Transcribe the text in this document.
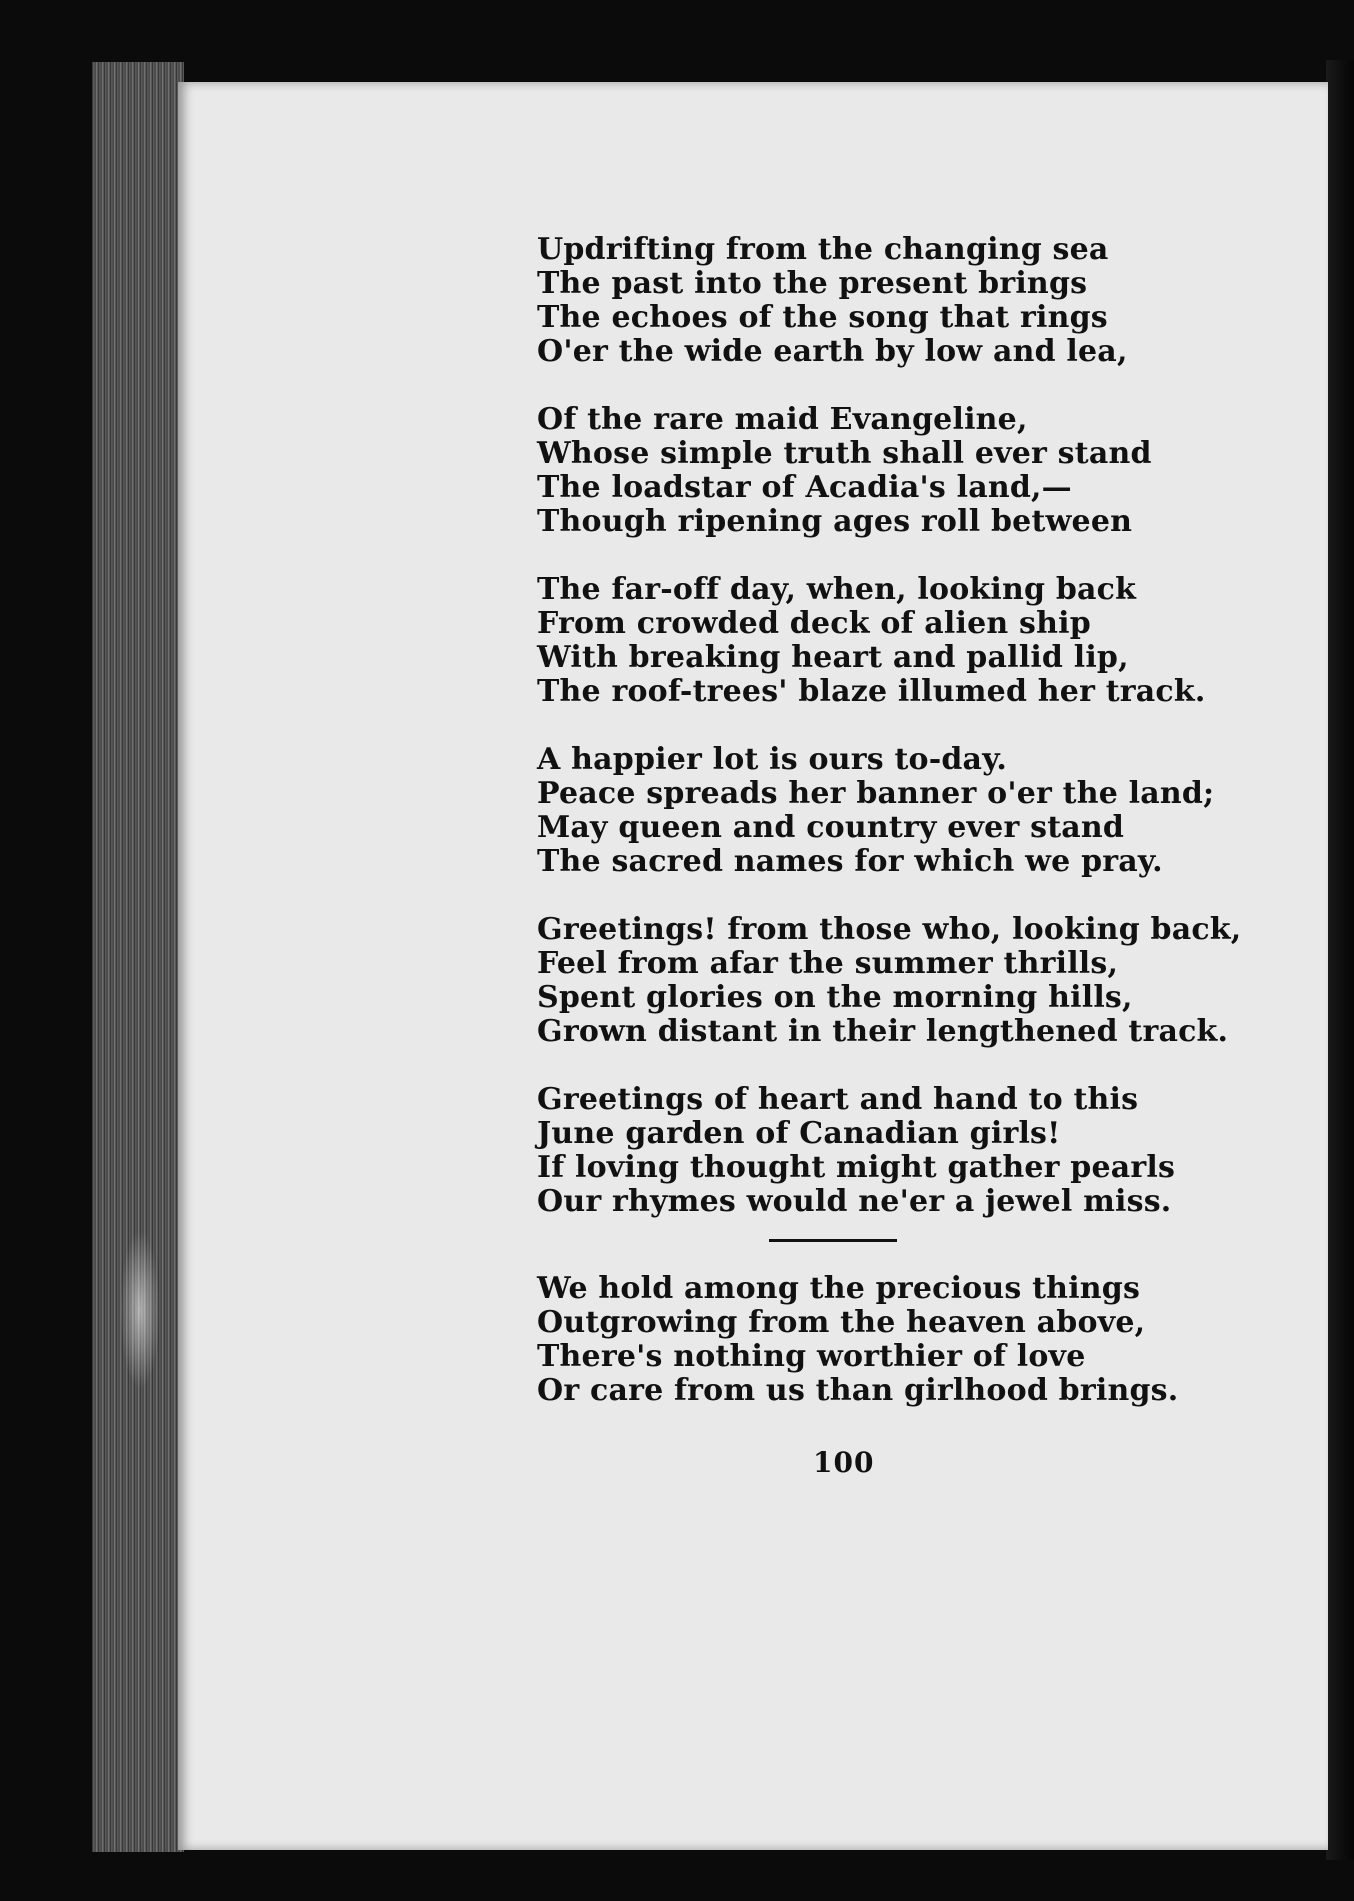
Updrifting from the changing sea
The past into the present brings
The echoes of the song that rings
O'er the wide earth by low and lea,
Of the rare maid Evangeline,
Whose simple truth shall ever stand
The loadstar of Acadia's land,—
Though ripening ages roll between
The far-off day, when, looking back
From crowded deck of alien ship
With breaking heart and pallid lip,
The roof-trees' blaze illumed her track.
A happier lot is ours to-day.
Peace spreads her banner o'er the land;
May queen and country ever stand
The sacred names for which we pray.
Greetings! from those who, looking back,
Feel from afar the summer thrills,
Spent glories on the morning hills,
Grown distant in their lengthened track.
Greetings of heart and hand to this
June garden of Canadian girls!
If loving thought might gather pearls
Our rhymes would ne'er a jewel miss.
We hold among the precious things
Outgrowing from the heaven above,
There's nothing worthier of love
Or care from us than girlhood brings.
100
